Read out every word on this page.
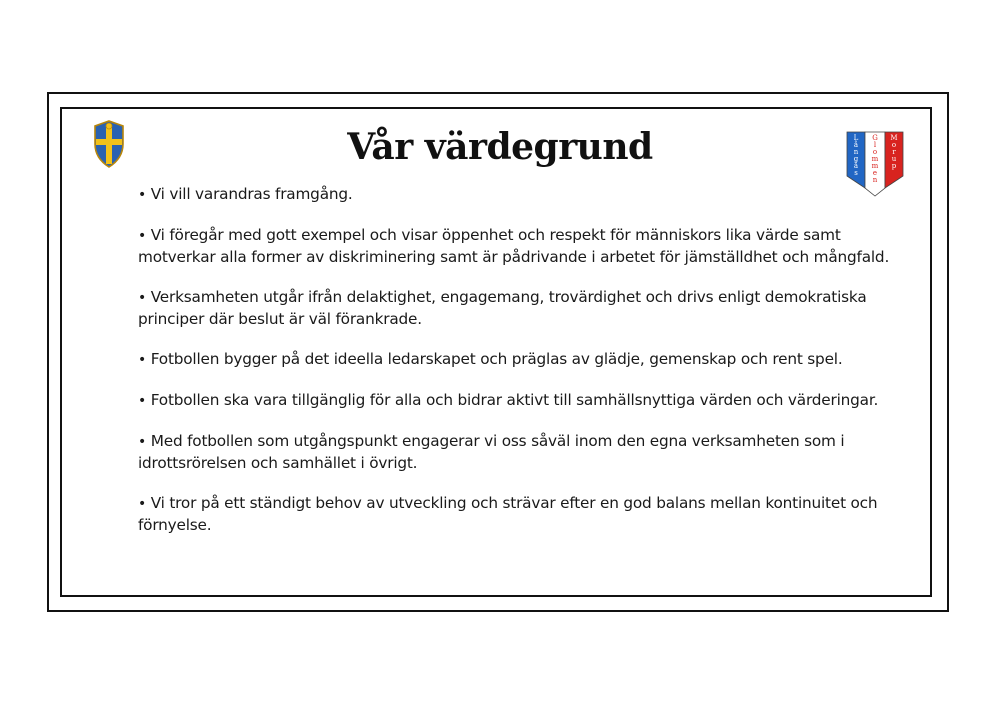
Vår värdegrund	L
å
n
g
å
s
G
l
o
m
m
e
n
M
o
r
u
p
• Vi vill varandras framgång.
• Vi föregår med gott exempel och visar öppenhet och respekt för människors lika värde samt motverkar alla former av diskriminering samt är pådrivande i arbetet för jämställdhet och mångfald.
• Verksamheten utgår ifrån delaktighet, engagemang, trovärdighet och drivs enligt demokratiska principer där beslut är väl förankrade.
• Fotbollen bygger på det ideella ledarskapet och präglas av glädje, gemenskap och rent spel.
• Fotbollen ska vara tillgänglig för alla och bidrar aktivt till samhällsnyttiga värden och värderingar.
• Med fotbollen som utgångspunkt engagerar vi oss såväl inom den egna verksamheten som i idrottsrörelsen och samhället i övrigt.
• Vi tror på ett ständigt behov av utveckling och strävar efter en god balans mellan kontinuitet och förnyelse.
